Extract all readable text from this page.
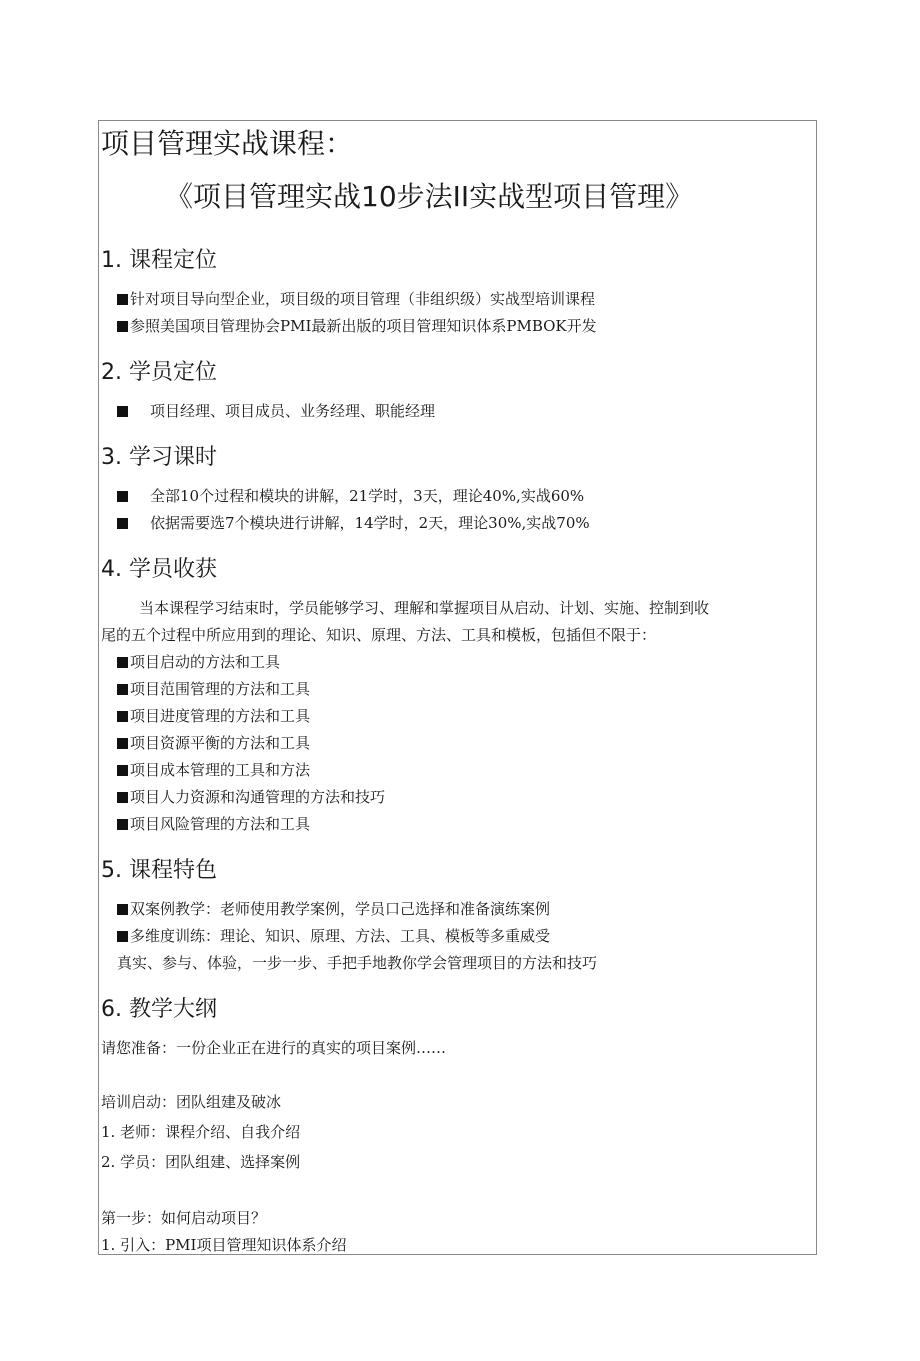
项目管理实战课程：
《项目管理实战10步法II实战型项目管理》
1. 课程定位
针对项目导向型企业，项目级的项目管理（非组织级）实战型培训课程
参照美国项目管理协会PMI最新出版的项目管理知识体系PMBOK开发
2. 学员定位
项目经理、项目成员、业务经理、职能经理
3. 学习课时
全部10个过程和模块的讲解，21学时，3天，理论40%,实战60%
依据需要选7个模块进行讲解，14学时，2天，理论30%,实战70%
4. 学员收获
当本课程学习结束时，学员能够学习、理解和掌握项目从启动、计划、实施、控制到收
尾的五个过程中所应用到的理论、知识、原理、方法、工具和模板，包插但不限于：
项目启动的方法和工具
项目范围管理的方法和工具
项目进度管理的方法和工具
项目资源平衡的方法和工具
项目成本管理的工具和方法
项目人力资源和沟通管理的方法和技巧
项目风险管理的方法和工具
5. 课程特色
双案例教学：老师使用教学案例，学员口己选择和准备演练案例
多维度训练：理论、知识、原理、方法、工具、模板等多重威受
真实、参与、体验，一步一步、手把手地教你学会管理项目的方法和技巧
6. 教学大纲
请您准备：一份企业正在进行的真实的项目案例……
培训启动：团队组建及破冰
1. 老师：课程介绍、自我介绍
2. 学员：团队组建、选择案例
第一步：如何启动项目？
1. 引入：PMI项目管理知识体系介绍
